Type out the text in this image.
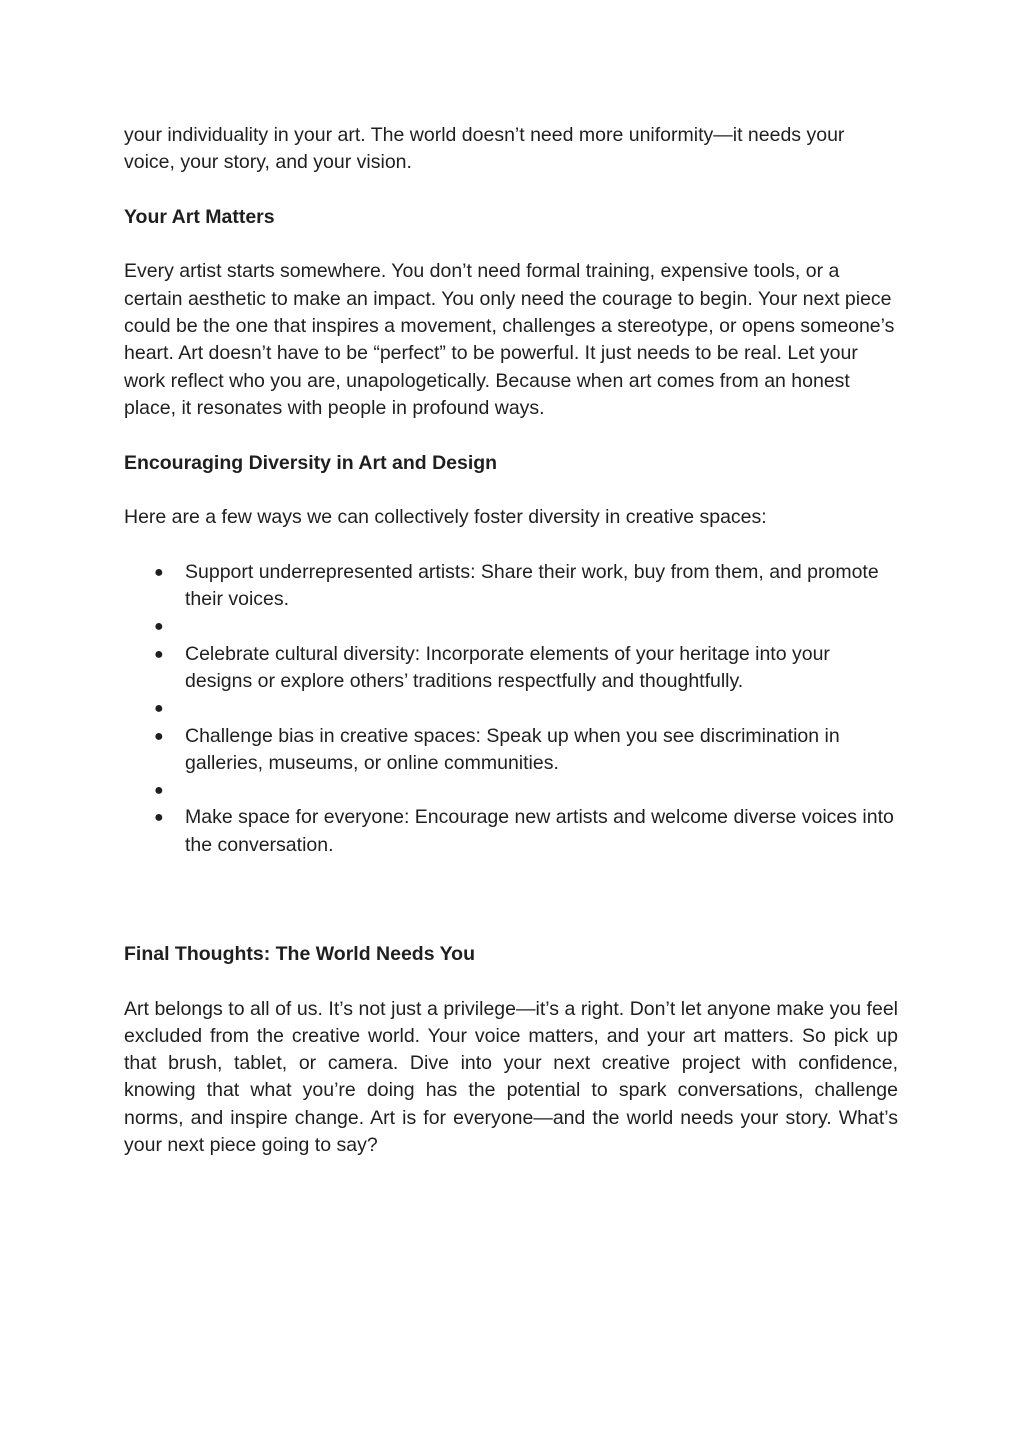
your individuality in your art. The world doesn’t need more uniformity—it needs your voice, your story, and your vision.

Your Art Matters

Every artist starts somewhere. You don’t need formal training, expensive tools, or a certain aesthetic to make an impact. You only need the courage to begin. Your next piece could be the one that inspires a movement, challenges a stereotype, or opens someone’s heart. Art doesn’t have to be “perfect” to be powerful. It just needs to be real. Let your work reflect who you are, unapologetically. Because when art comes from an honest place, it resonates with people in profound ways.

Encouraging Diversity in Art and Design

Here are a few ways we can collectively foster diversity in creative spaces:

● Support underrepresented artists: Share their work, buy from them, and promote their voices.
●
● Celebrate cultural diversity: Incorporate elements of your heritage into your designs or explore others’ traditions respectfully and thoughtfully.
●
● Challenge bias in creative spaces: Speak up when you see discrimination in galleries, museums, or online communities.
●
● Make space for everyone: Encourage new artists and welcome diverse voices into the conversation.

Final Thoughts: The World Needs You

Art belongs to all of us. It’s not just a privilege—it’s a right. Don’t let anyone make you feel excluded from the creative world. Your voice matters, and your art matters. So pick up that brush, tablet, or camera. Dive into your next creative project with confidence, knowing that what you’re doing has the potential to spark conversations, challenge norms, and inspire change. Art is for everyone—and the world needs your story. What’s your next piece going to say?
